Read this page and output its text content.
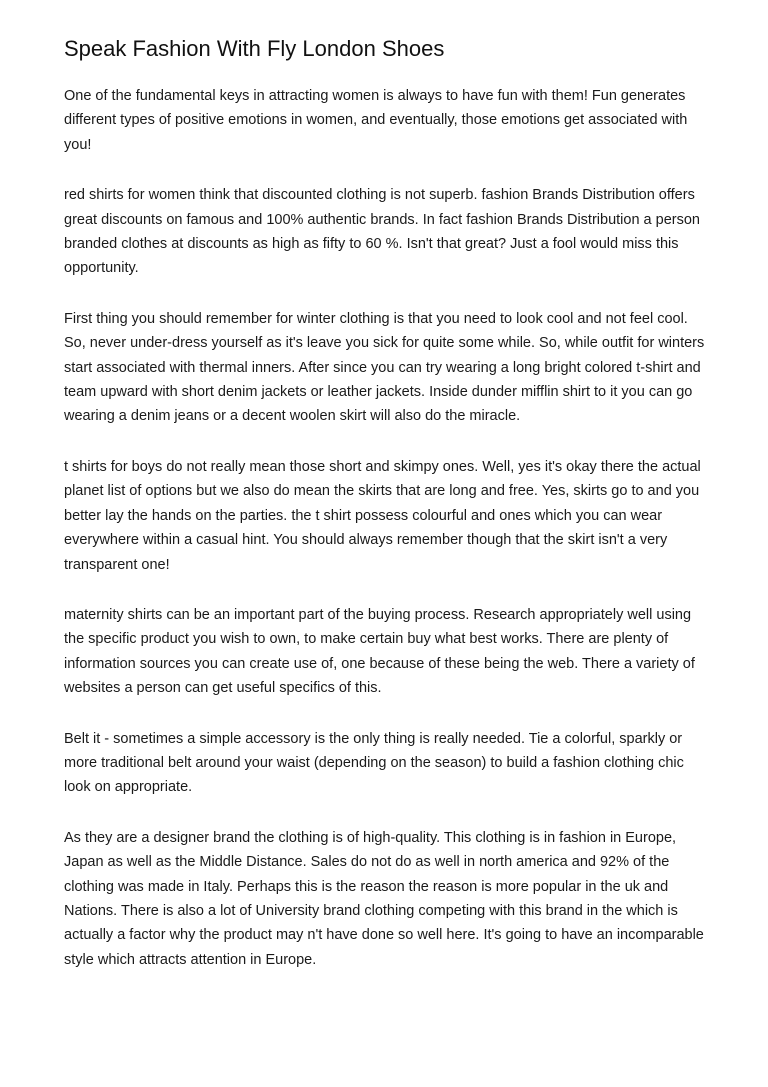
Speak Fashion With Fly London Shoes

One of the fundamental keys in attracting women is always to have fun with them! Fun generates different types of positive emotions in women, and eventually, those emotions get associated with you!

red shirts for women think that discounted clothing is not superb. fashion Brands Distribution offers great discounts on famous and 100% authentic brands. In fact fashion Brands Distribution a person branded clothes at discounts as high as fifty to 60 %. Isn't that great? Just a fool would miss this opportunity.

First thing you should remember for winter clothing is that you need to look cool and not feel cool. So, never under-dress yourself as it's leave you sick for quite some while. So, while outfit for winters start associated with thermal inners. After since you can try wearing a long bright colored t-shirt and team upward with short denim jackets or leather jackets. Inside dunder mifflin shirt to it you can go wearing a denim jeans or a decent woolen skirt will also do the miracle.

t shirts for boys do not really mean those short and skimpy ones. Well, yes it's okay there the actual planet list of options but we also do mean the skirts that are long and free. Yes, skirts go to and you better lay the hands on the parties. the t shirt possess colourful and ones which you can wear everywhere within a casual hint. You should always remember though that the skirt isn't a very transparent one!

maternity shirts can be an important part of the buying process. Research appropriately well using the specific product you wish to own, to make certain buy what best works. There are plenty of information sources you can create use of, one because of these being the web. There a variety of websites a person can get useful specifics of this.

Belt it - sometimes a simple accessory is the only thing is really needed. Tie a colorful, sparkly or more traditional belt around your waist (depending on the season) to build a fashion clothing chic look on appropriate.

As they are a designer brand the clothing is of high-quality. This clothing is in fashion in Europe, Japan as well as the Middle Distance. Sales do not do as well in north america and 92% of the clothing was made in Italy. Perhaps this is the reason the reason is more popular in the uk and Nations. There is also a lot of University brand clothing competing with this brand in the which is actually a factor why the product may n't have done so well here. It's going to have an incomparable style which attracts attention in Europe.
